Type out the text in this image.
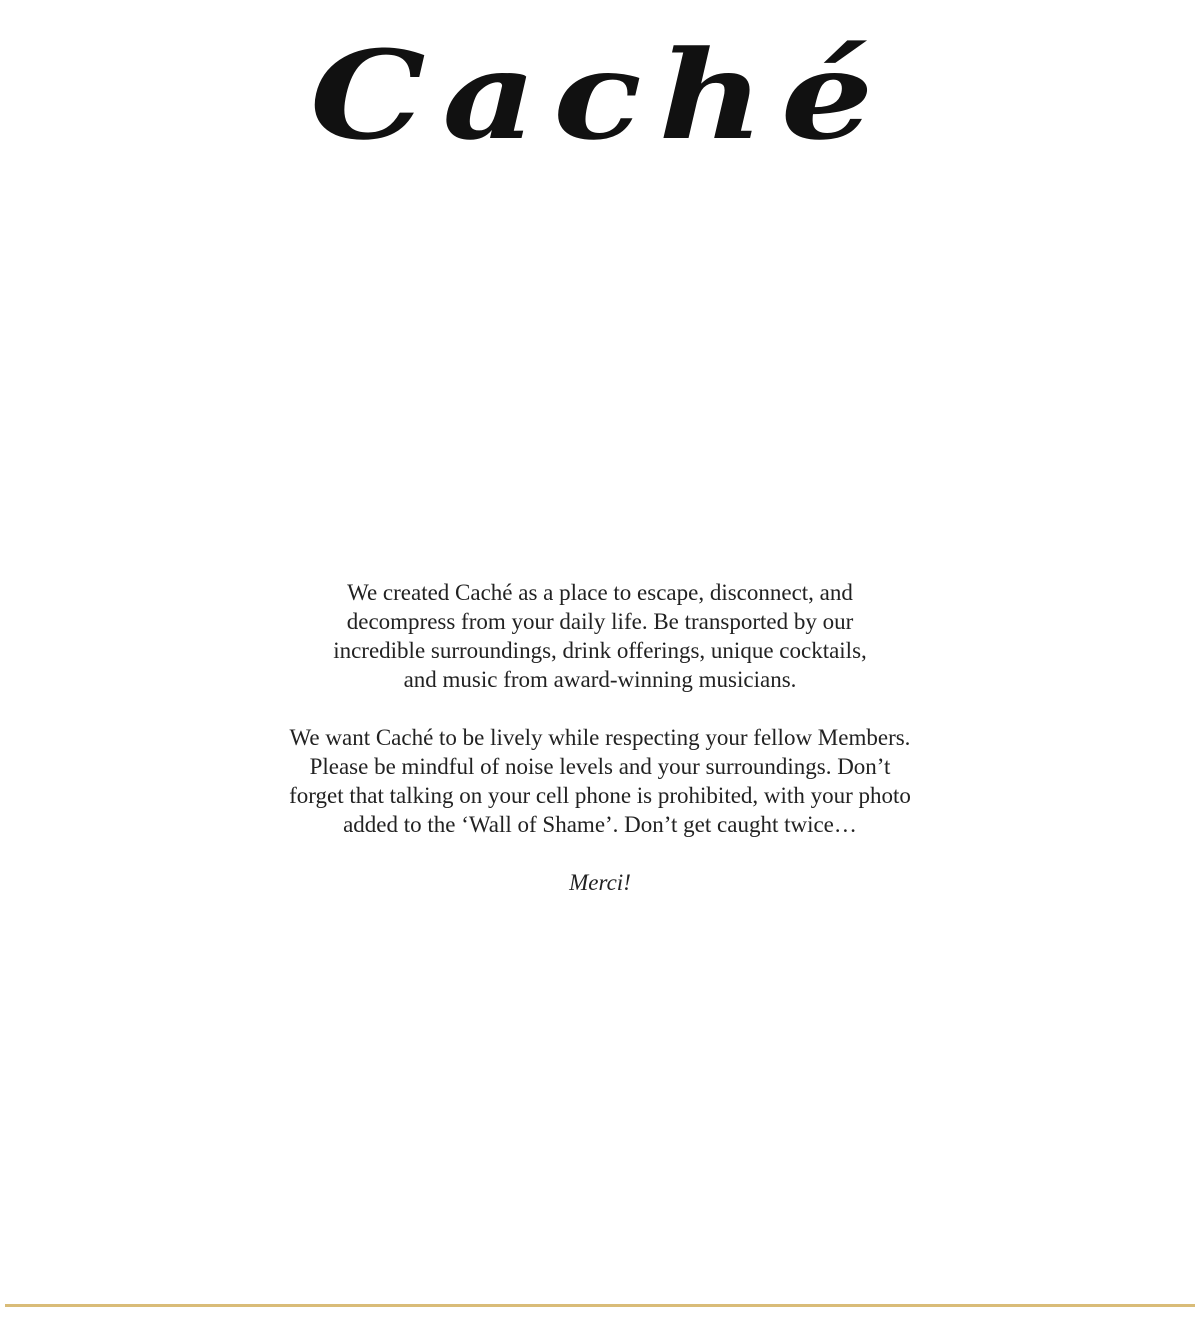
Caché

We created Caché as a place to escape, disconnect, and
decompress from your daily life. Be transported by our
incredible surroundings, drink offerings, unique cocktails,
and music from award-winning musicians.

We want Caché to be lively while respecting your fellow Members.
Please be mindful of noise levels and your surroundings. Don’t
forget that talking on your cell phone is prohibited, with your photo
added to the ‘Wall of Shame’. Don’t get caught twice…

Merci!
